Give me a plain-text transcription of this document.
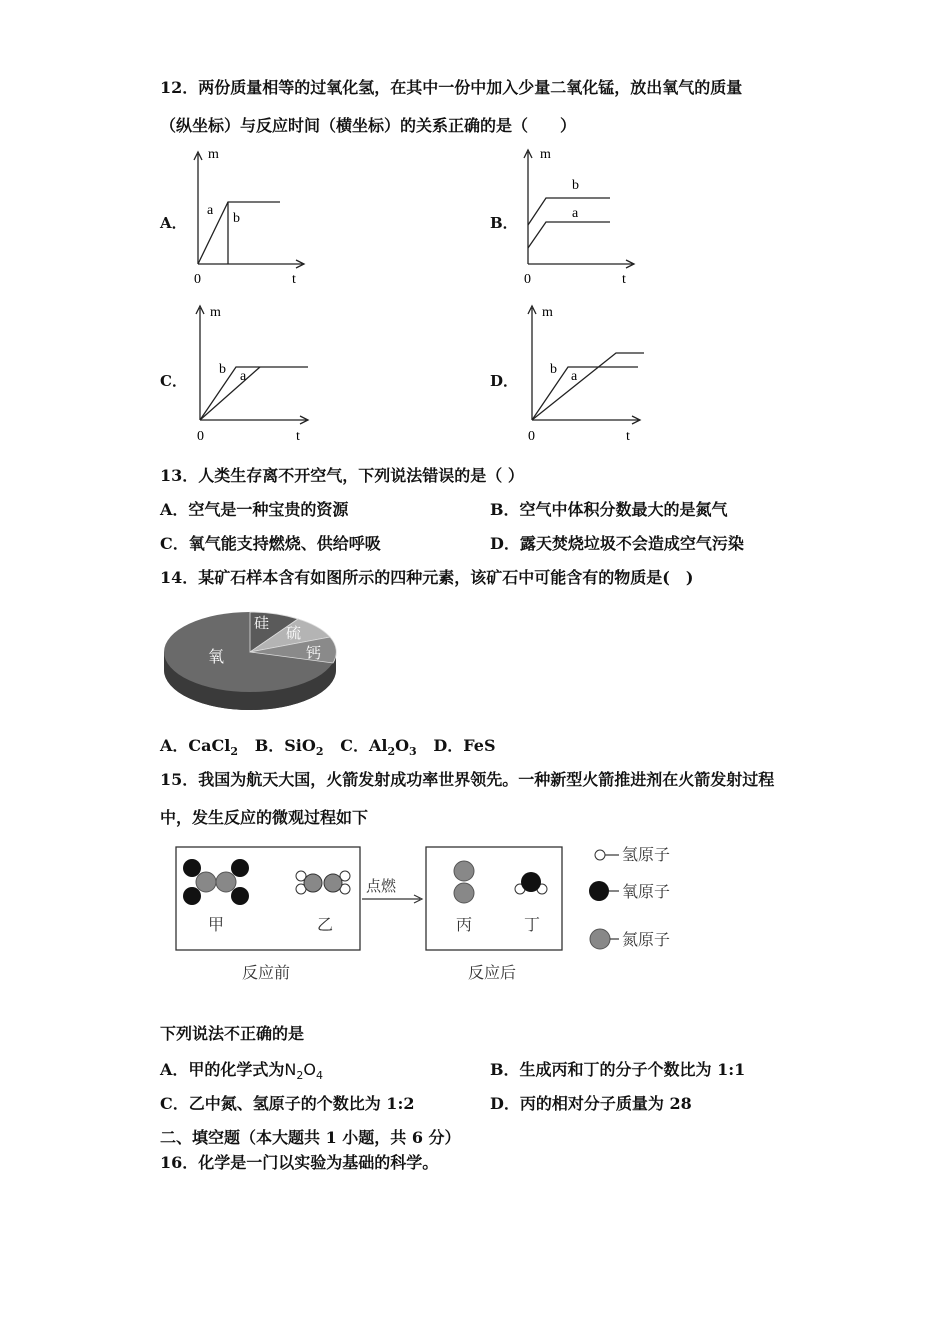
12．两份质量相等的过氧化氢，在其中一份中加入少量二氧化锰，放出氧气的质量
（纵坐标）与反应时间（横坐标）的关系正确的是（　　）
A．	B．
C．	D．
m
0	t
a
b
m
0	t
b
a
m
0	t
b a
m
0	t
b a
13．人类生存离不开空气，下列说法错误的是（ ）
A．空气是一种宝贵的资源	B．空气中体积分数最大的是氮气
C．氧气能支持燃烧、供给呼吸	D．露天焚烧垃圾不会造成空气污染
14．某矿石样本含有如图所示的四种元素，该矿石中可能含有的物质是(　)
氧
硅
硫
钙
A．CaCl$_2$ B．SiO$_2$ C．$Al_2O_3$ D．FeS
15．我国为航天大国，火箭发射成功率世界领先。一种新型火箭推进剂在火箭发射过程
中，发生反应的微观过程如下
甲	乙
点燃
丙	丁
反应前	反应后
氢原子
氧原子
氮原子
下列说法不正确的是
A．甲的化学式为$N_2O_4$	B．生成丙和丁的分子个数比为 1:1
C．乙中氮、氢原子的个数比为 1:2	D．丙的相对分子质量为 28
二、填空题（本大题共 1 小题，共 6 分）
16．化学是一门以实验为基础的科学。
